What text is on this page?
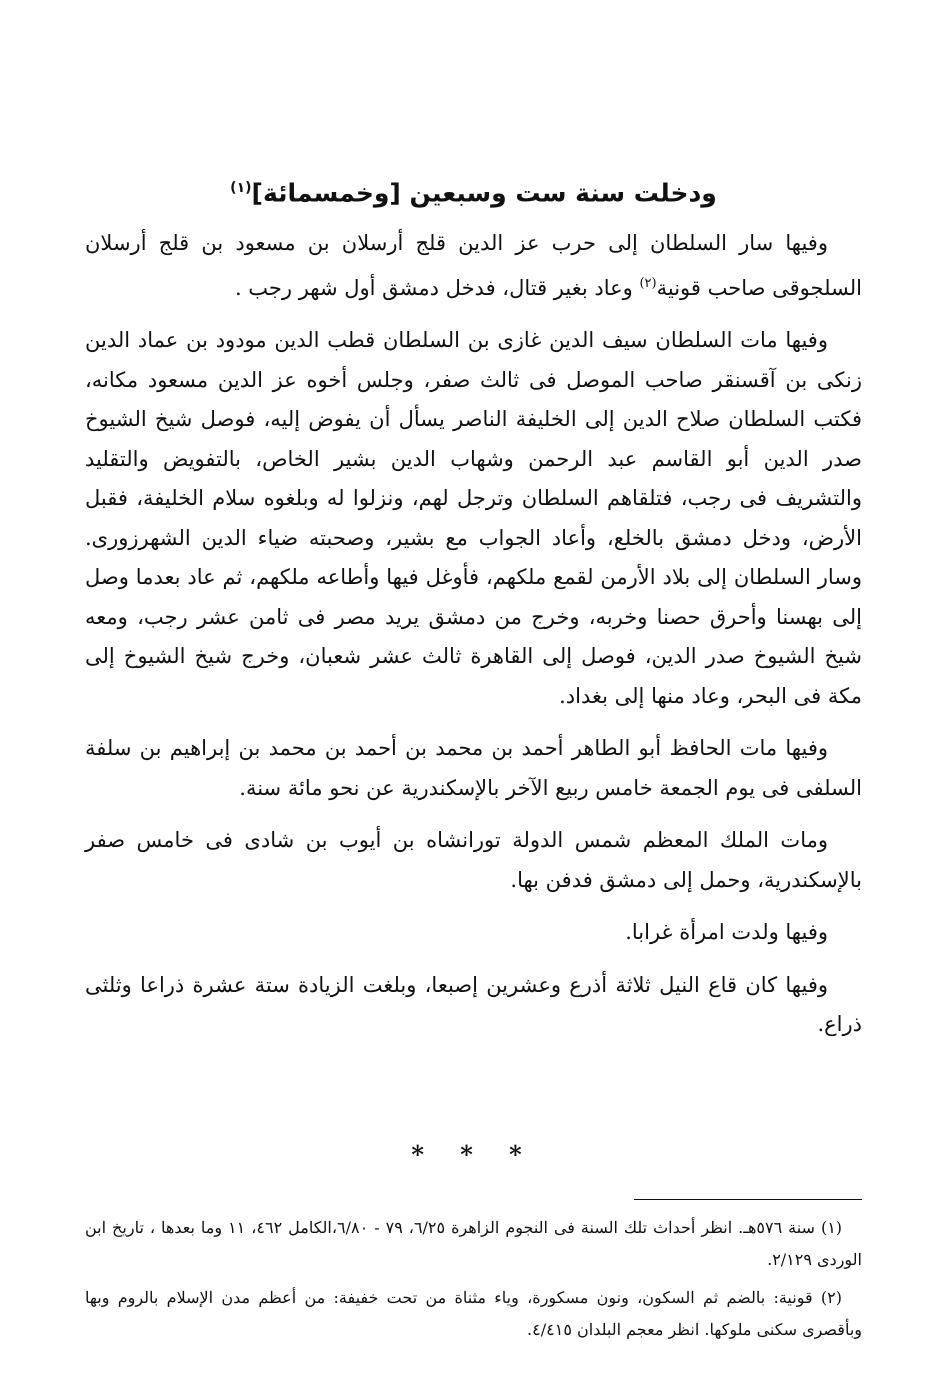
ودخلت سنة ست وسبعين [وخمسمائة]$^{(١)}$

وفيها سار السلطان إلى حرب عز الدين قلج أرسلان بن مسعود بن قلج أرسلان السلجوقى صاحب قونية$^{(٢)}$ وعاد بغير قتال، فدخل دمشق أول شهر رجب .

وفيها مات السلطان سيف الدين غازى بن السلطان قطب الدين مودود بن عماد الدين زنكى بن آقسنقر صاحب الموصل فى ثالث صفر، وجلس أخوه عز الدين مسعود مكانه، فكتب السلطان صلاح الدين إلى الخليفة الناصر يسأل أن يفوض إليه، فوصل شيخ الشيوخ صدر الدين أبو القاسم عبد الرحمن وشهاب الدين بشير الخاص، بالتفويض والتقليد والتشريف فى رجب، فتلقاهم السلطان وترجل لهم، ونزلوا له وبلغوه سلام الخليفة، فقبل الأرض، ودخل دمشق بالخلع، وأعاد الجواب مع بشير، وصحبته ضياء الدين الشهرزورى. وسار السلطان إلى بلاد الأرمن لقمع ملكهم، فأوغل فيها وأطاعه ملكهم، ثم عاد بعدما وصل إلى بهسنا وأحرق حصنا وخربه، وخرج من دمشق يريد مصر فى ثامن عشر رجب، ومعه شيخ الشيوخ صدر الدين، فوصل إلى القاهرة ثالث عشر شعبان، وخرج شيخ الشيوخ إلى مكة فى البحر، وعاد منها إلى بغداد.

وفيها مات الحافظ أبو الطاهر أحمد بن محمد بن أحمد بن محمد بن إبراهيم بن سلفة السلفى فى يوم الجمعة خامس ربيع الآخر بالإسكندرية عن نحو مائة سنة.

ومات الملك المعظم شمس الدولة تورانشاه بن أيوب بن شادى فى خامس صفر بالإسكندرية، وحمل إلى دمشق فدفن بها.

وفيها ولدت امرأة غرابا.

وفيها كان قاع النيل ثلاثة أذرع وعشرين إصبعا، وبلغت الزيادة ستة عشرة ذراعا وثلثى ذراع.

* * *

(١) سنة ٥٧٦هـ. انظر أحداث تلك السنة فى النجوم الزاهرة ٦/٢٥، ٧٩ - ٦/٨٠،الكامل ٤٦٢، ١١ وما بعدها ، تاريخ ابن الوردى ٢/١٢٩.

(٢) قونية: بالضم ثم السكون، ونون مسكورة، وياء مثناة من تحت خفيفة: من أعظم مدن الإسلام بالروم وبها وبأقصرى سكنى ملوكها. انظر معجم البلدان ٤/٤١٥.
